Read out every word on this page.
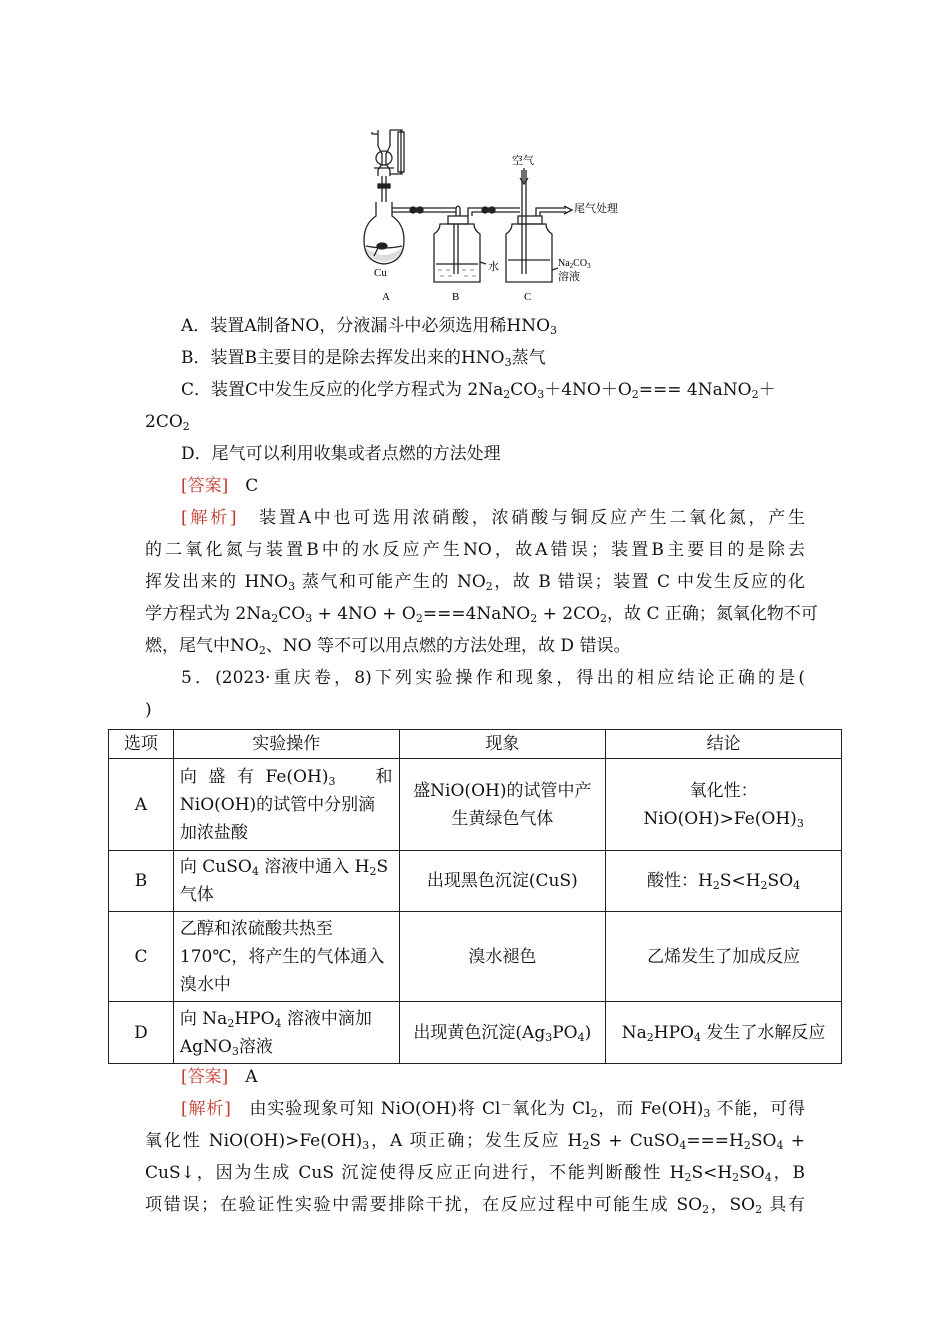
Cu
空气
尾气处理
水	$Na_2CO_3$
溶液
A	B	C
A．装置A制备NO，分液漏斗中必须选用稀$HNO_3$
B．装置B主要目的是除去挥发出来的$HNO_3$蒸气
C．装置C中发生反应的化学方程式为 $2Na_2CO_3+4NO+O_2===$ 4NaNO$_2$＋
$2CO_2$
D．尾气可以利用收集或者点燃的方法处理
[答案]　 C
[解析]　 装置A中也可选用浓硝酸，浓硝酸与铜反应产生二氧化氮，产生
的二氧化氮与装置B中的水反应产生NO，故A错误；装置B主要目的是除去
挥发出来的 $HNO_3$ 蒸气和可能产生的 $NO_2$，故 B 错误；装置 C 中发生反应的化
学方程式为 $2Na_2CO_3 + 4NO$ + $O_2===4NaNO_2 + 2CO_2$，故 C 正确；氮氧化物不可
燃，尾气中$NO_2$、NO 等不可以用点燃的方法处理，故 D 错误。
5．(2023·重庆卷，8)下列实验操作和现象，得出的相应结论正确的是(
)
选项	实验操作	现象	结论
A	向盛有$Fe(OH)_3$　和
NiO(OH)的试管中分别滴
加浓盐酸	盛NiO(OH)的试管中产生黄绿色气体	氧化性：
$NiO(OH)>Fe(OH)_3$
B	向 CuSO$_4$ 溶液中通入 $H_2S$
气体	出现黑色沉淀(CuS)	酸性：$H_2S<H_2SO_4$
C	乙醇和浓硫酸共热至170℃，将产生的气体通入溴水中	溴水褪色	乙烯发生了加成反应
D	向 $Na_2HPO_4$ 溶液中滴加
AgNO$_3$溶液	出现黄色沉淀$(Ag_3PO_4)$	$Na_2HPO_4$ 发生了水解反应
[答案]　 A
[解析]　由实验现象可知 NiO(OH)将 Cl－氧化为 $Cl_2$，而 $Fe(OH)_3$ 不能，可得
氧化性 $NiO(OH)>Fe(OH)_3$，A 项正确；发生反应 $H_2S$ + $CuSO_4===H_2SO_4$ +
CuS↓，因为生成 CuS 沉淀使得反应正向进行，不能判断酸性 $H_2S<H_2SO_4$，B
项错误；在验证性实验中需要排除干扰，在反应过程中可能生成 $SO_2$，$SO_2$ 具有
